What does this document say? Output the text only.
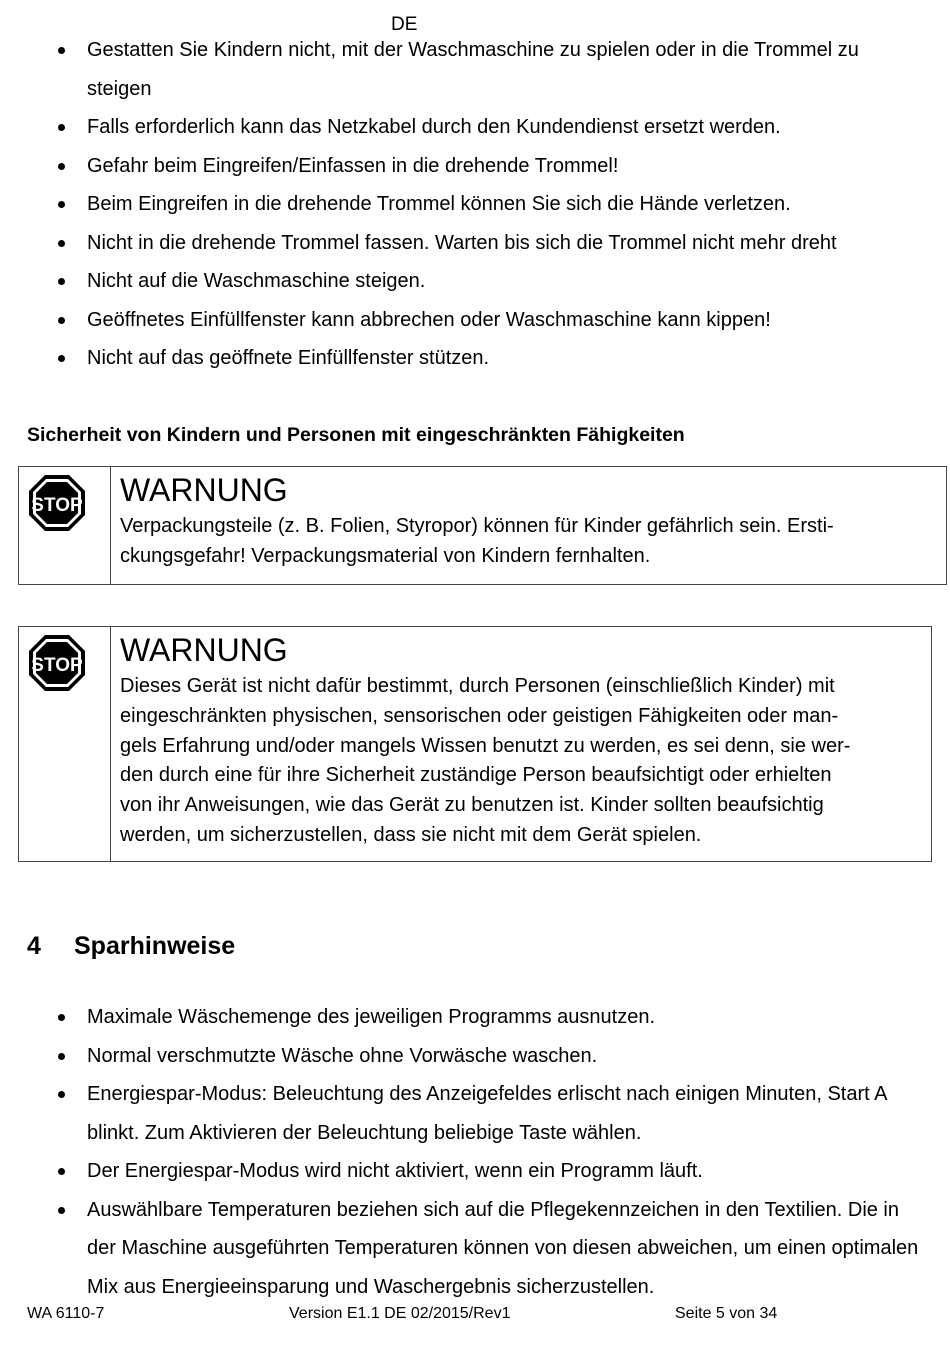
DE
Gestatten Sie Kindern nicht, mit der Waschmaschine zu spielen oder in die Trommel zu steigen
Falls erforderlich kann das Netzkabel durch den Kundendienst ersetzt werden.
Gefahr beim Eingreifen/Einfassen in die drehende Trommel!
Beim Eingreifen in die drehende Trommel können Sie sich die Hände verletzen.
Nicht in die drehende Trommel fassen. Warten bis sich die Trommel nicht mehr dreht
Nicht auf die Waschmaschine steigen.
Geöffnetes Einfüllfenster kann abbrechen oder Waschmaschine kann kippen!
Nicht auf das geöffnete Einfüllfenster stützen.
Sicherheit von Kindern und Personen mit eingeschränkten Fähigkeiten
STOP WARNUNG
Verpackungsteile (z. B. Folien, Styropor) können für Kinder gefährlich sein. Ersti-
ckungsgefahr! Verpackungsmaterial von Kindern fernhalten.
STOP WARNUNG
Dieses Gerät ist nicht dafür bestimmt, durch Personen (einschließlich Kinder) mit
eingeschränkten physischen, sensorischen oder geistigen Fähigkeiten oder man-
gels Erfahrung und/oder mangels Wissen benutzt zu werden, es sei denn, sie wer-
den durch eine für ihre Sicherheit zuständige Person beaufsichtigt oder erhielten
von ihr Anweisungen, wie das Gerät zu benutzen ist. Kinder sollten beaufsichtig
werden, um sicherzustellen, dass sie nicht mit dem Gerät spielen.
4 Sparhinweise
Maximale Wäschemenge des jeweiligen Programms ausnutzen.
Normal verschmutzte Wäsche ohne Vorwäsche waschen.
Energiespar-Modus: Beleuchtung des Anzeigefeldes erlischt nach einigen Minuten, Start A blinkt. Zum Aktivieren der Beleuchtung beliebige Taste wählen.
Der Energiespar-Modus wird nicht aktiviert, wenn ein Programm läuft.
Auswählbare Temperaturen beziehen sich auf die Pflegekennzeichen in den Textilien. Die in der Maschine ausgeführten Temperaturen können von diesen abweichen, um einen optimalen Mix aus Energieeinsparung und Waschergebnis sicherzustellen.
WA 6110-7	Version E1.1 DE 02/2015/Rev1	Seite 5 von 34
